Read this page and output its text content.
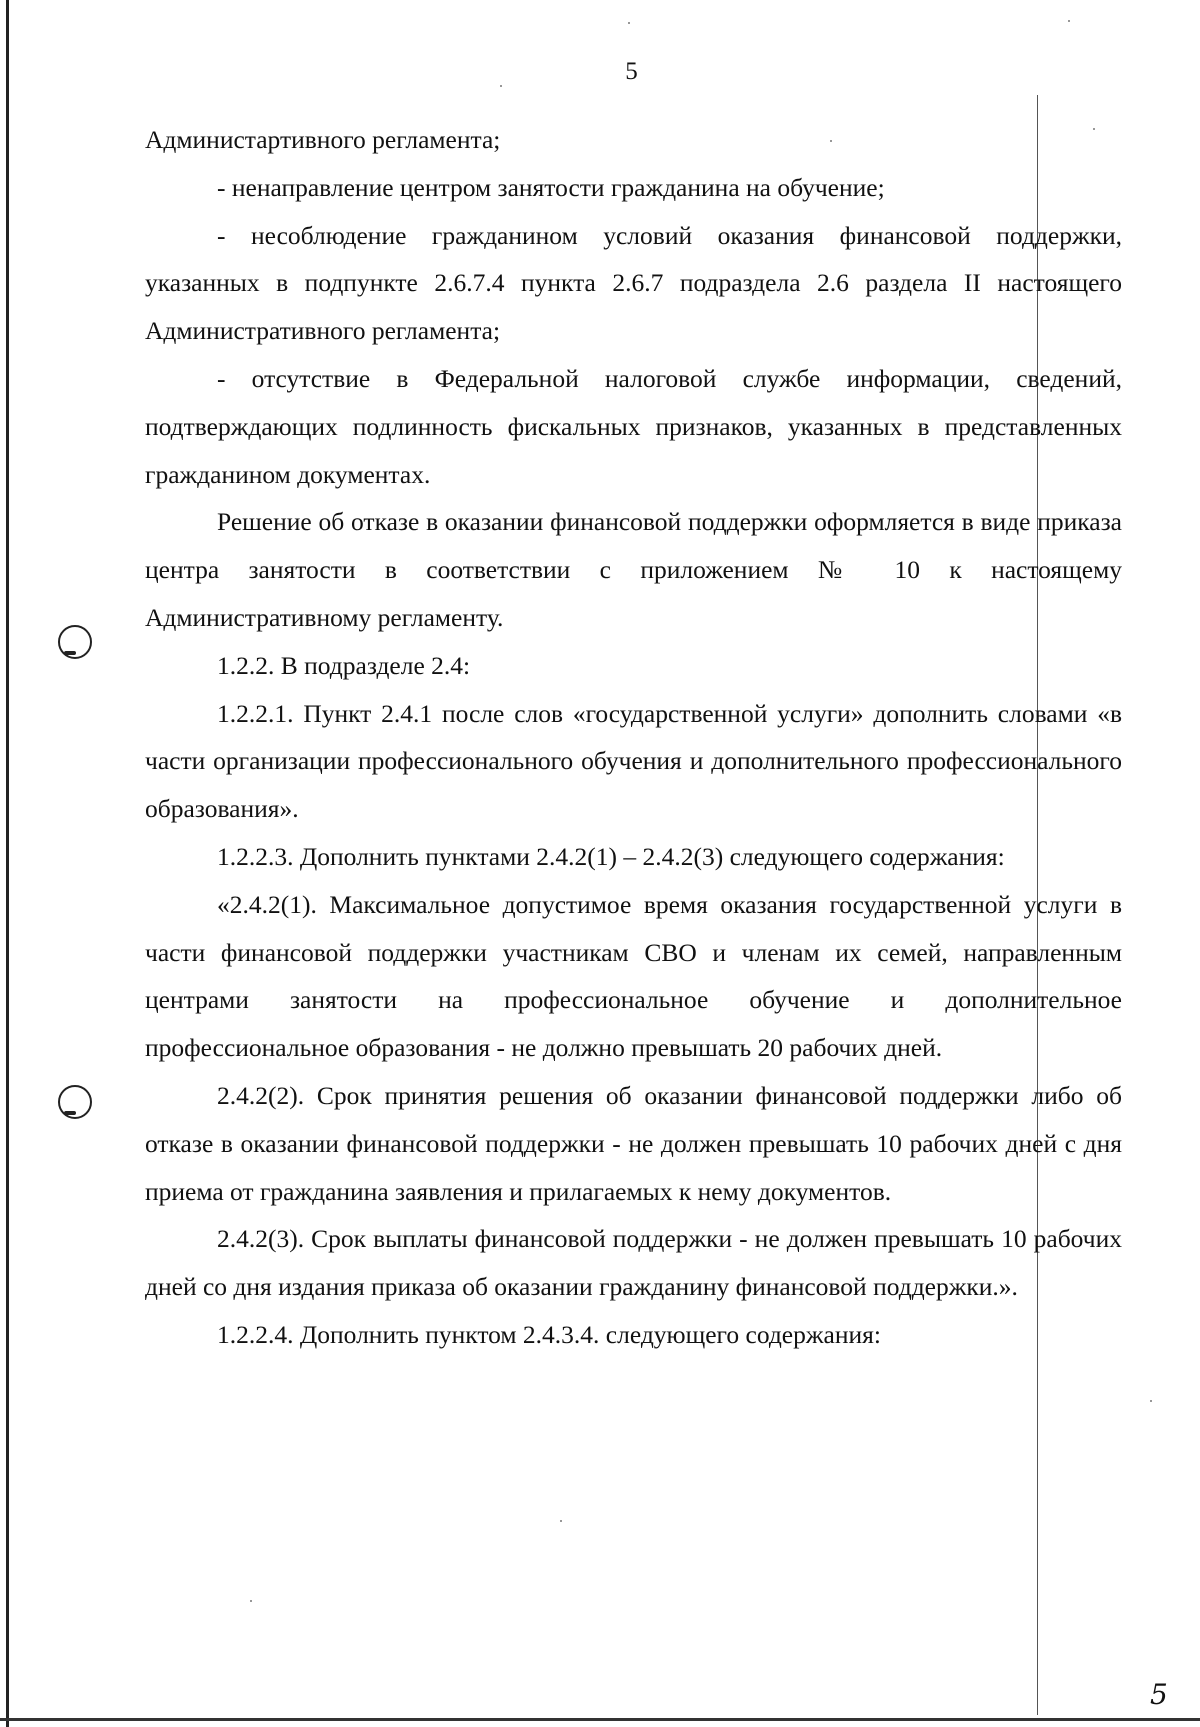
5

Администартивного регламента;

- ненаправление центром занятости гражданина на обучение;

- несоблюдение гражданином условий оказания финансовой поддержки, указанных в подпункте 2.6.7.4 пункта 2.6.7 подраздела 2.6 раздела II настоящего Административного регламента;

- отсутствие в Федеральной налоговой службе информации, сведений, подтверждающих подлинность фискальных признаков, указанных в представленных гражданином документах.

Решение об отказе в оказании финансовой поддержки оформляется в виде приказа центра занятости в соответствии с приложением № 10 к настоящему Административному регламенту.

1.2.2. В подразделе 2.4:

1.2.2.1. Пункт 2.4.1 после слов «государственной услуги» дополнить словами «в части организации профессионального обучения и дополнительного профессионального образования».

1.2.2.3. Дополнить пунктами 2.4.2(1) – 2.4.2(3) следующего содержания:

«2.4.2(1). Максимальное допустимое время оказания государственной услуги в части финансовой поддержки участникам СВО и членам их семей, направленным центрами занятости на профессиональное обучение и дополнительное профессиональное образования - не должно превышать 20 рабочих дней.

2.4.2(2). Срок принятия решения об оказании финансовой поддержки либо об отказе в оказании финансовой поддержки - не должен превышать 10 рабочих дней с дня приема от гражданина заявления и прилагаемых к нему документов.

2.4.2(3). Срок выплаты финансовой поддержки - не должен превышать 10 рабочих дней со дня издания приказа об оказании гражданину финансовой поддержки.».

1.2.2.4. Дополнить пунктом 2.4.3.4. следующего содержания:

5
